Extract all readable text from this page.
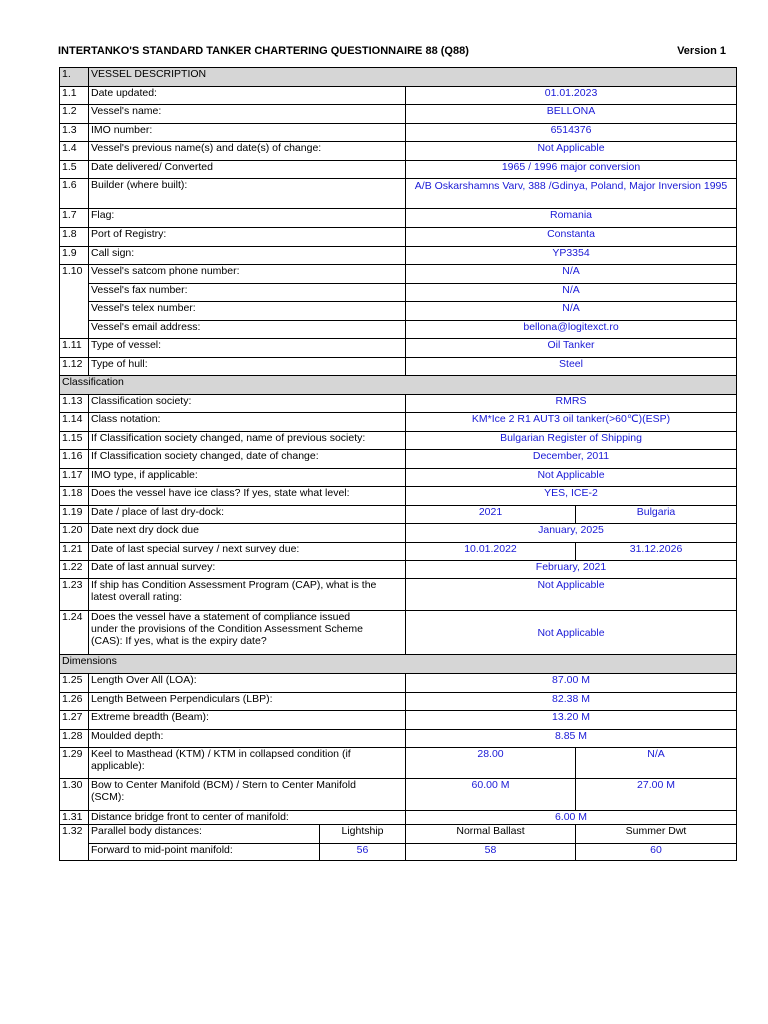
INTERTANKO'S STANDARD TANKER CHARTERING QUESTIONNAIRE 88 (Q88)	Version 1
1.	VESSEL DESCRIPTION			
1.1	Date updated:		01.01.2023	
1.2	Vessel's name:		BELLONA	
1.3	IMO number:		6514376	
1.4	Vessel's previous name(s) and date(s) of change:		Not Applicable	
1.5	Date delivered/ Converted		1965 / 1996 major conversion	
1.6	Builder (where built):		A/B Oskarshamns Varv, 388 /Gdinya, Poland, Major Inversion 1995	
1.7	Flag:		Romania	
1.8	Port of Registry:		Constanta	
1.9	Call sign:		YP3354	
1.10	Vessel's satcom phone number:		N/A	
	Vessel's fax number:		N/A	
	Vessel's telex number:		N/A	
	Vessel's email address:		bellona@logitexct.ro	
1.11	Type of vessel:		Oil Tanker	
1.12	Type of hull:		Steel	
Classification				
1.13	Classification society:		RMRS	
1.14	Class notation:		KM*Ice 2 R1 AUT3 oil tanker(>60℃)(ESP)	
1.15	If Classification society changed, name of previous society:		Bulgarian Register of Shipping	
1.16	If Classification society changed, date of change:		December, 2011	
1.17	IMO type, if applicable:		Not Applicable	
1.18	Does the vessel have ice class? If yes, state what level:		YES, ICE-2	
1.19	Date / place of last dry-dock:		2021	Bulgaria
1.20	Date next dry dock due		January, 2025	
1.21	Date of last special survey / next survey due:		10.01.2022	31.12.2026
1.22	Date of last annual survey:		February, 2021	
1.23	If ship has Condition Assessment Program (CAP), what is the
latest overall rating:		Not Applicable	
1.24	Does the vessel have a statement of compliance issued
under the provisions of the Condition Assessment Scheme
(CAS): If yes, what is the expiry date?		Not Applicable	
Dimensions				
1.25	Length Over All (LOA):		87.00 M	
1.26	Length Between Perpendiculars (LBP):		82.38 M	
1.27	Extreme breadth (Beam):		13.20 M	
1.28	Moulded depth:		8.85 M	
1.29	Keel to Masthead (KTM) / KTM in collapsed condition (if
applicable):		28.00	N/A
1.30	Bow to Center Manifold (BCM) / Stern to Center Manifold
(SCM):		60.00 M	27.00 M
1.31	Distance bridge front to center of manifold:		6.00 M	
1.32	Parallel body distances:	Lightship	Normal Ballast	Summer Dwt
	Forward to mid-point manifold:	56	58	60
